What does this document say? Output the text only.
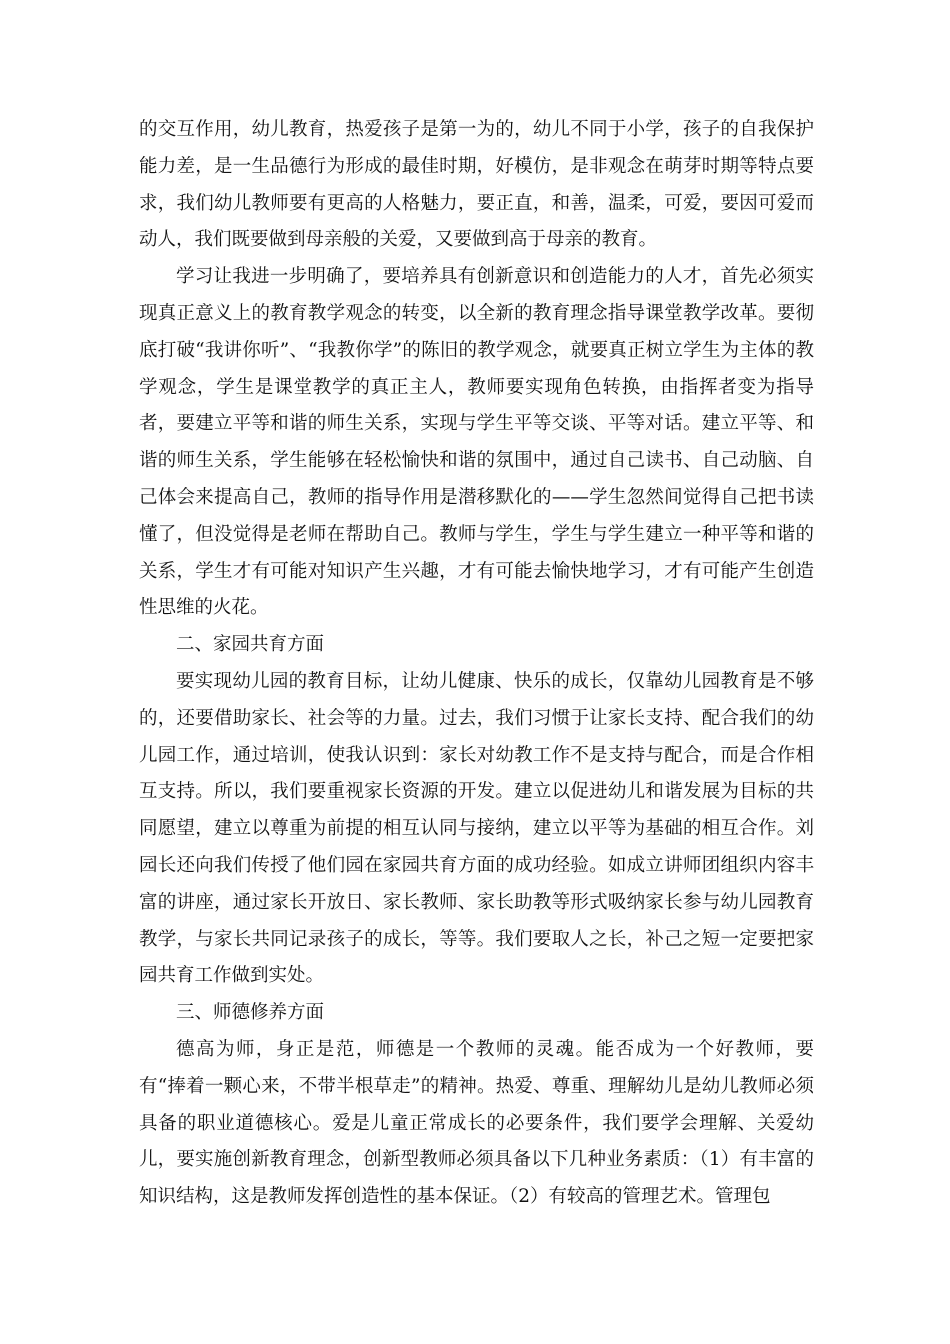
的交互作用，幼儿教育，热爱孩子是第一为的，幼儿不同于小学，孩子的自我保护能力差，是一生品德行为形成的最佳时期，好模仿，是非观念在萌芽时期等特点要求，我们幼儿教师要有更高的人格魅力，要正直，和善，温柔，可爱，要因可爱而动人，我们既要做到母亲般的关爱，又要做到高于母亲的教育。

学习让我进一步明确了，要培养具有创新意识和创造能力的人才，首先必须实现真正意义上的教育教学观念的转变，以全新的教育理念指导课堂教学改革。要彻底打破“我讲你听”、“我教你学”的陈旧的教学观念，就要真正树立学生为主体的教学观念，学生是课堂教学的真正主人，教师要实现角色转换，由指挥者变为指导者，要建立平等和谐的师生关系，实现与学生平等交谈、平等对话。建立平等、和谐的师生关系，学生能够在轻松愉快和谐的氛围中，通过自己读书、自己动脑、自己体会来提高自己，教师的指导作用是潜移默化的——学生忽然间觉得自己把书读懂了，但没觉得是老师在帮助自己。教师与学生，学生与学生建立一种平等和谐的关系，学生才有可能对知识产生兴趣，才有可能去愉快地学习，才有可能产生创造性思维的火花。

二、家园共育方面

要实现幼儿园的教育目标，让幼儿健康、快乐的成长，仅靠幼儿园教育是不够的，还要借助家长、社会等的力量。过去，我们习惯于让家长支持、配合我们的幼儿园工作，通过培训，使我认识到：家长对幼教工作不是支持与配合，而是合作相互支持。所以，我们要重视家长资源的开发。建立以促进幼儿和谐发展为目标的共同愿望，建立以尊重为前提的相互认同与接纳，建立以平等为基础的相互合作。刘园长还向我们传授了他们园在家园共育方面的成功经验。如成立讲师团组织内容丰富的讲座，通过家长开放日、家长教师、家长助教等形式吸纳家长参与幼儿园教育教学，与家长共同记录孩子的成长，等等。我们要取人之长，补己之短一定要把家园共育工作做到实处。

三、师德修养方面

德高为师，身正是范，师德是一个教师的灵魂。能否成为一个好教师，要有“捧着一颗心来，不带半根草走”的精神。热爱、尊重、理解幼儿是幼儿教师必须具备的职业道德核心。爱是儿童正常成长的必要条件，我们要学会理解、关爱幼儿，要实施创新教育理念，创新型教师必须具备以下几种业务素质：（1）有丰富的知识结构，这是教师发挥创造性的基本保证。（2）有较高的管理艺术。管理包
